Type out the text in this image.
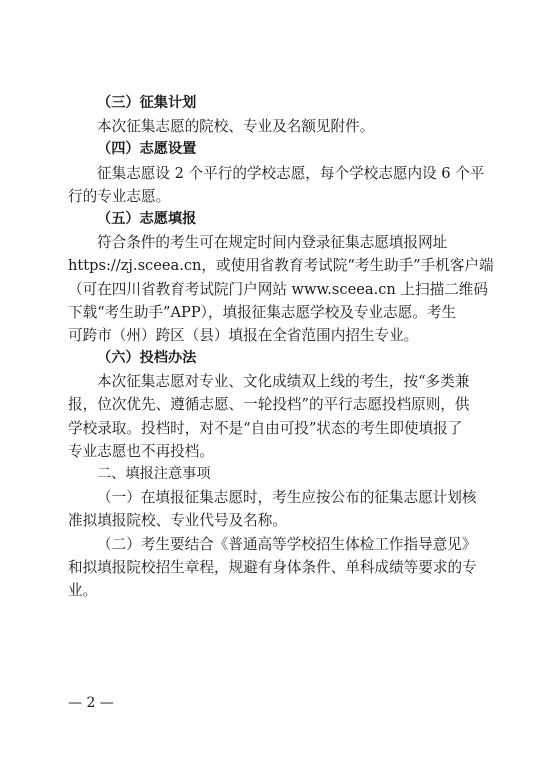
（三）征集计划
本次征集志愿的院校、专业及名额见附件。
（四）志愿设置
征集志愿设 2 个平行的学校志愿，每个学校志愿内设 6 个平
行的专业志愿。
（五）志愿填报
符合条件的考生可在规定时间内登录征集志愿填报网址
https://zj.sceea.cn，或使用省教育考试院“考生助手”手机客户端
（可在四川省教育考试院门户网站 www.sceea.cn 上扫描二维码
下载“考生助手”APP），填报征集志愿学校及专业志愿。考生
可跨市（州）跨区（县）填报在全省范围内招生专业。
（六）投档办法
本次征集志愿对专业、文化成绩双上线的考生，按“多类兼
报，位次优先、遵循志愿、一轮投档”的平行志愿投档原则，供
学校录取。投档时，对不是“自由可投”状态的考生即使填报了
专业志愿也不再投档。
二、填报注意事项
（一）在填报征集志愿时，考生应按公布的征集志愿计划核
准拟填报院校、专业代号及名称。
（二）考生要结合《普通高等学校招生体检工作指导意见》
和拟填报院校招生章程，规避有身体条件、单科成绩等要求的专
业。
— 2 —
